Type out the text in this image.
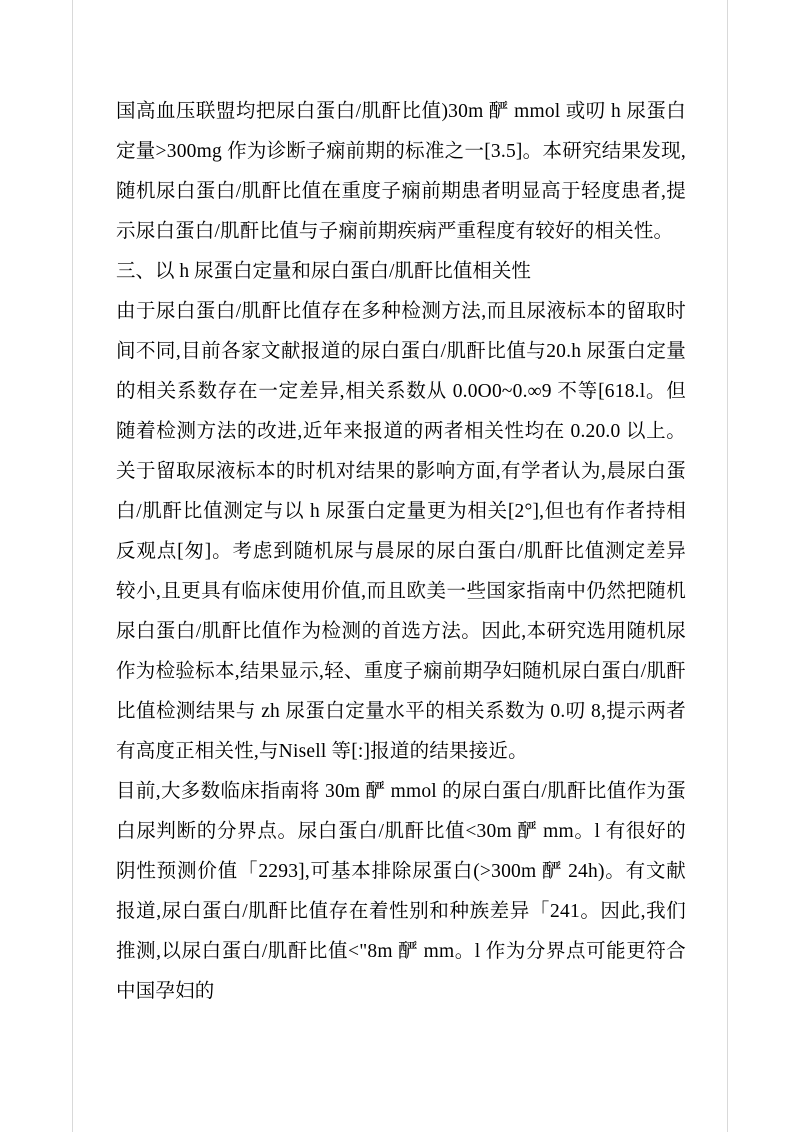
国高血压联盟均把尿白蛋白/肌酐比值)30m 酽 mmol 或叨 h 尿蛋白定量>300mg 作为诊断子痫前期的标准之一[3.5]。本研究结果发现,随机尿白蛋白/肌酐比值在重度子痫前期患者明显高于轻度患者,提示尿白蛋白/肌酐比值与子痫前期疾病严重程度有较好的相关性。

三、以 h 尿蛋白定量和尿白蛋白/肌酐比值相关性

由于尿白蛋白/肌酐比值存在多种检测方法,而且尿液标本的留取时间不同,目前各家文献报道的尿白蛋白/肌酐比值与20.h 尿蛋白定量的相关系数存在一定差异,相关系数从 0.0O0~0.∞9 不等[618.l。但随着检测方法的改进,近年来报道的两者相关性均在 0.20.0 以上。关于留取尿液标本的时机对结果的影响方面,有学者认为,晨尿白蛋白/肌酐比值测定与以 h 尿蛋白定量更为相关[2°],但也有作者持相反观点[匆]。考虑到随机尿与晨尿的尿白蛋白/肌酐比值测定差异较小,且更具有临床使用价值,而且欧美一些国家指南中仍然把随机尿白蛋白/肌酐比值作为检测的首选方法。因此,本研究选用随机尿作为检验标本,结果显示,轻、重度子痫前期孕妇随机尿白蛋白/肌酐比值检测结果与 zh 尿蛋白定量水平的相关系数为 0.叨 8,提示两者有高度正相关性,与Nisell 等[:]报道的结果接近。

目前,大多数临床指南将 30m 酽 mmol 的尿白蛋白/肌酐比值作为蛋白尿判断的分界点。尿白蛋白/肌酐比值<30m 酽 mm。l 有很好的阴性预测价值「2293],可基本排除尿蛋白(>300m 酽 24h)。有文献报道,尿白蛋白/肌酐比值存在着性别和种族差异「241。因此,我们推测,以尿白蛋白/肌酐比值<"8m 酽 mm。l 作为分界点可能更符合中国孕妇的
